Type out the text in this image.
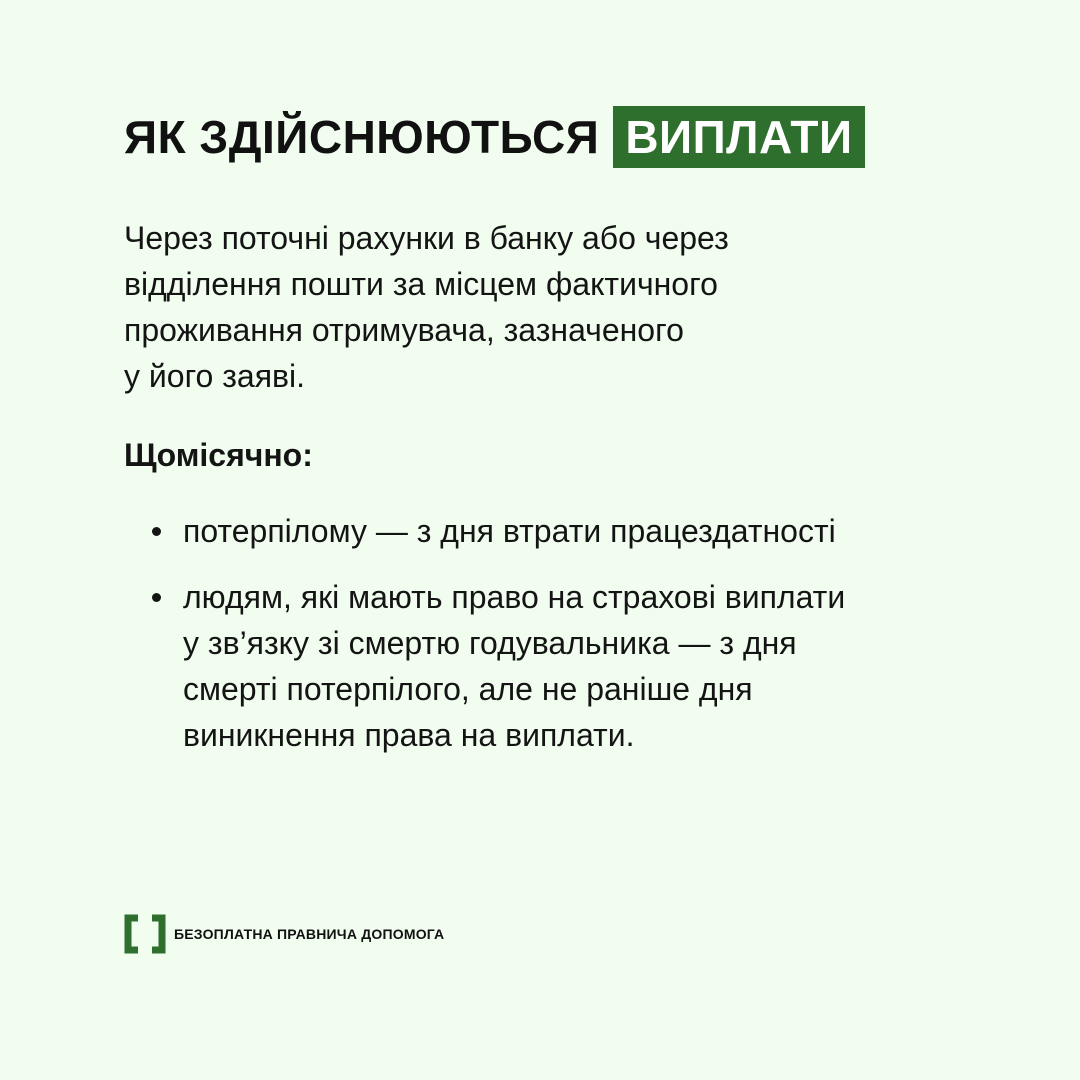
ЯК ЗДІЙСНЮЮТЬСЯ ВИПЛАТИ
Через поточні рахунки в банку або через
відділення пошти за місцем фактичного
проживання отримувача, зазначеного
у його заяві.
Щомісячно:
потерпілому — з дня втрати працездатності
людям, які мають право на страхові виплати
у зв’язку зі смертю годувальника — з дня
смерті потерпілого, але не раніше дня
виникнення права на виплати.
БЕЗОПЛАТНА ПРАВНИЧА ДОПОМОГА
